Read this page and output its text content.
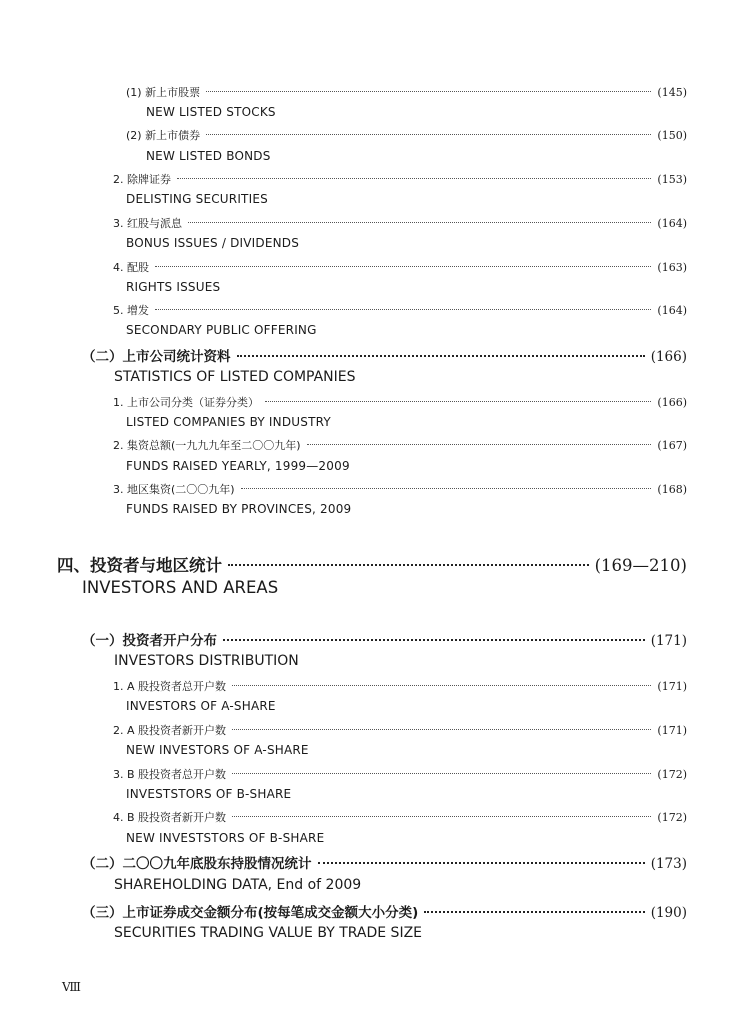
(1) 新上市股票	(145)
NEW LISTED STOCKS
(2) 新上市债券	(150)
NEW LISTED BONDS
2. 除牌证券	(153)
DELISTING SECURITIES
3. 红股与派息	(164)
BONUS ISSUES / DIVIDENDS
4. 配股	(163)
RIGHTS ISSUES
5. 增发	(164)
SECONDARY PUBLIC OFFERING
（二）上市公司统计资料	(166)
STATISTICS OF LISTED COMPANIES
1. 上市公司分类（证券分类）	(166)
LISTED COMPANIES BY INDUSTRY
2. 集资总额(一九九九年至二〇〇九年)	(167)
FUNDS RAISED YEARLY, 1999—2009
3. 地区集资(二〇〇九年)	(168)
FUNDS RAISED BY PROVINCES, 2009
四、投资者与地区统计	(169—210)
INVESTORS AND AREAS
（一）投资者开户分布	(171)
INVESTORS DISTRIBUTION
1. A 股投资者总开户数	(171)
INVESTORS OF A-SHARE
2. A 股投资者新开户数	(171)
NEW INVESTORS OF A-SHARE
3. B 股投资者总开户数	(172)
INVESTSTORS OF B-SHARE
4. B 股投资者新开户数	(172)
NEW INVESTSTORS OF B-SHARE
（二）二〇〇九年底股东持股情况统计	(173)
SHAREHOLDING DATA, End of 2009
（三）上市证券成交金额分布(按每笔成交金额大小分类)	(190)
SECURITIES TRADING VALUE BY TRADE SIZE
Ⅷ
